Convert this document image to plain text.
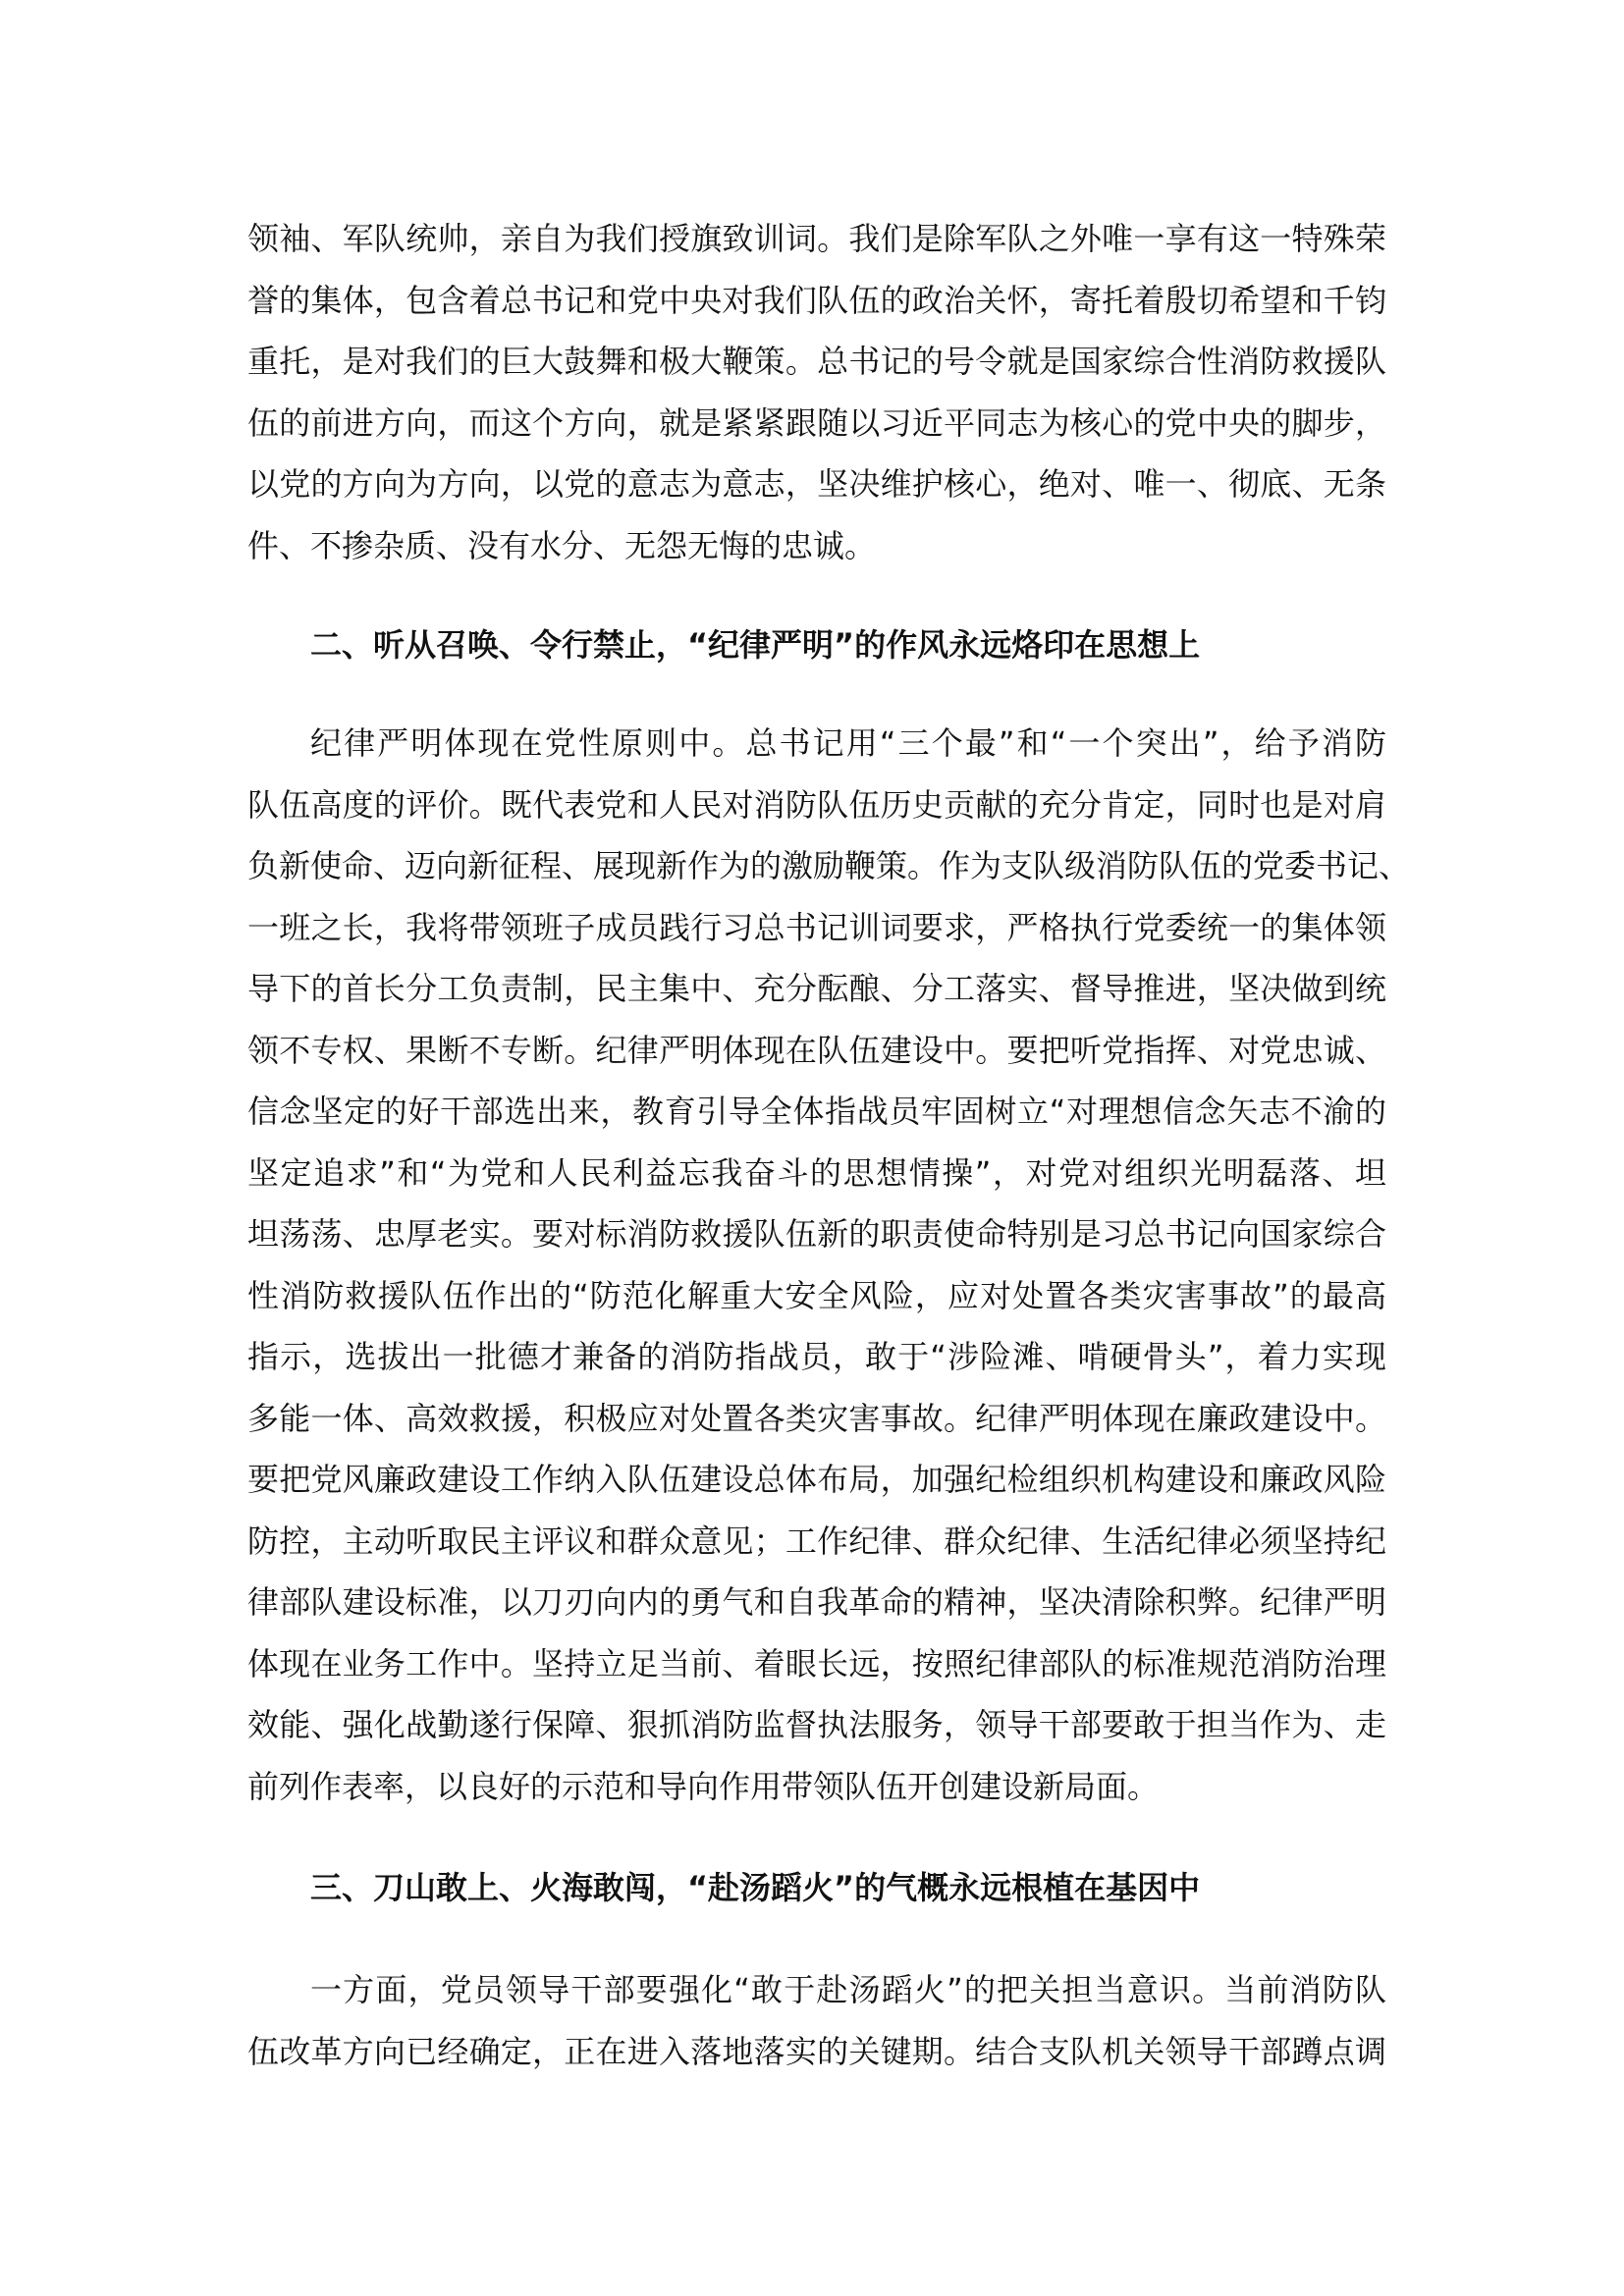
领袖、军队统帅，亲自为我们授旗致训词。我们是除军队之外唯一享有这一特殊荣
誉的集体，包含着总书记和党中央对我们队伍的政治关怀，寄托着殷切希望和千钧
重托，是对我们的巨大鼓舞和极大鞭策。总书记的号令就是国家综合性消防救援队
伍的前进方向，而这个方向，就是紧紧跟随以习近平同志为核心的党中央的脚步，
以党的方向为方向，以党的意志为意志，坚决维护核心，绝对、唯一、彻底、无条
件、不掺杂质、没有水分、无怨无悔的忠诚。
二、听从召唤、令行禁止，“纪律严明”的作风永远烙印在思想上
纪律严明体现在党性原则中。总书记用“三个最”和“一个突出”，给予消防
队伍高度的评价。既代表党和人民对消防队伍历史贡献的充分肯定，同时也是对肩
负新使命、迈向新征程、展现新作为的激励鞭策。作为支队级消防队伍的党委书记、
一班之长，我将带领班子成员践行习总书记训词要求，严格执行党委统一的集体领
导下的首长分工负责制，民主集中、充分酝酿、分工落实、督导推进，坚决做到统
领不专权、果断不专断。纪律严明体现在队伍建设中。要把听党指挥、对党忠诚、
信念坚定的好干部选出来，教育引导全体指战员牢固树立“对理想信念矢志不渝的
坚定追求”和“为党和人民利益忘我奋斗的思想情操”，对党对组织光明磊落、坦
坦荡荡、忠厚老实。要对标消防救援队伍新的职责使命特别是习总书记向国家综合
性消防救援队伍作出的“防范化解重大安全风险，应对处置各类灾害事故”的最高
指示，选拔出一批德才兼备的消防指战员，敢于“涉险滩、啃硬骨头”，着力实现
多能一体、高效救援，积极应对处置各类灾害事故。纪律严明体现在廉政建设中。
要把党风廉政建设工作纳入队伍建设总体布局，加强纪检组织机构建设和廉政风险
防控，主动听取民主评议和群众意见；工作纪律、群众纪律、生活纪律必须坚持纪
律部队建设标准，以刀刃向内的勇气和自我革命的精神，坚决清除积弊。纪律严明
体现在业务工作中。坚持立足当前、着眼长远，按照纪律部队的标准规范消防治理
效能、强化战勤遂行保障、狠抓消防监督执法服务，领导干部要敢于担当作为、走
前列作表率，以良好的示范和导向作用带领队伍开创建设新局面。
三、刀山敢上、火海敢闯，“赴汤蹈火”的气概永远根植在基因中
一方面，党员领导干部要强化“敢于赴汤蹈火”的把关担当意识。当前消防队
伍改革方向已经确定，正在进入落地落实的关键期。结合支队机关领导干部蹲点调
